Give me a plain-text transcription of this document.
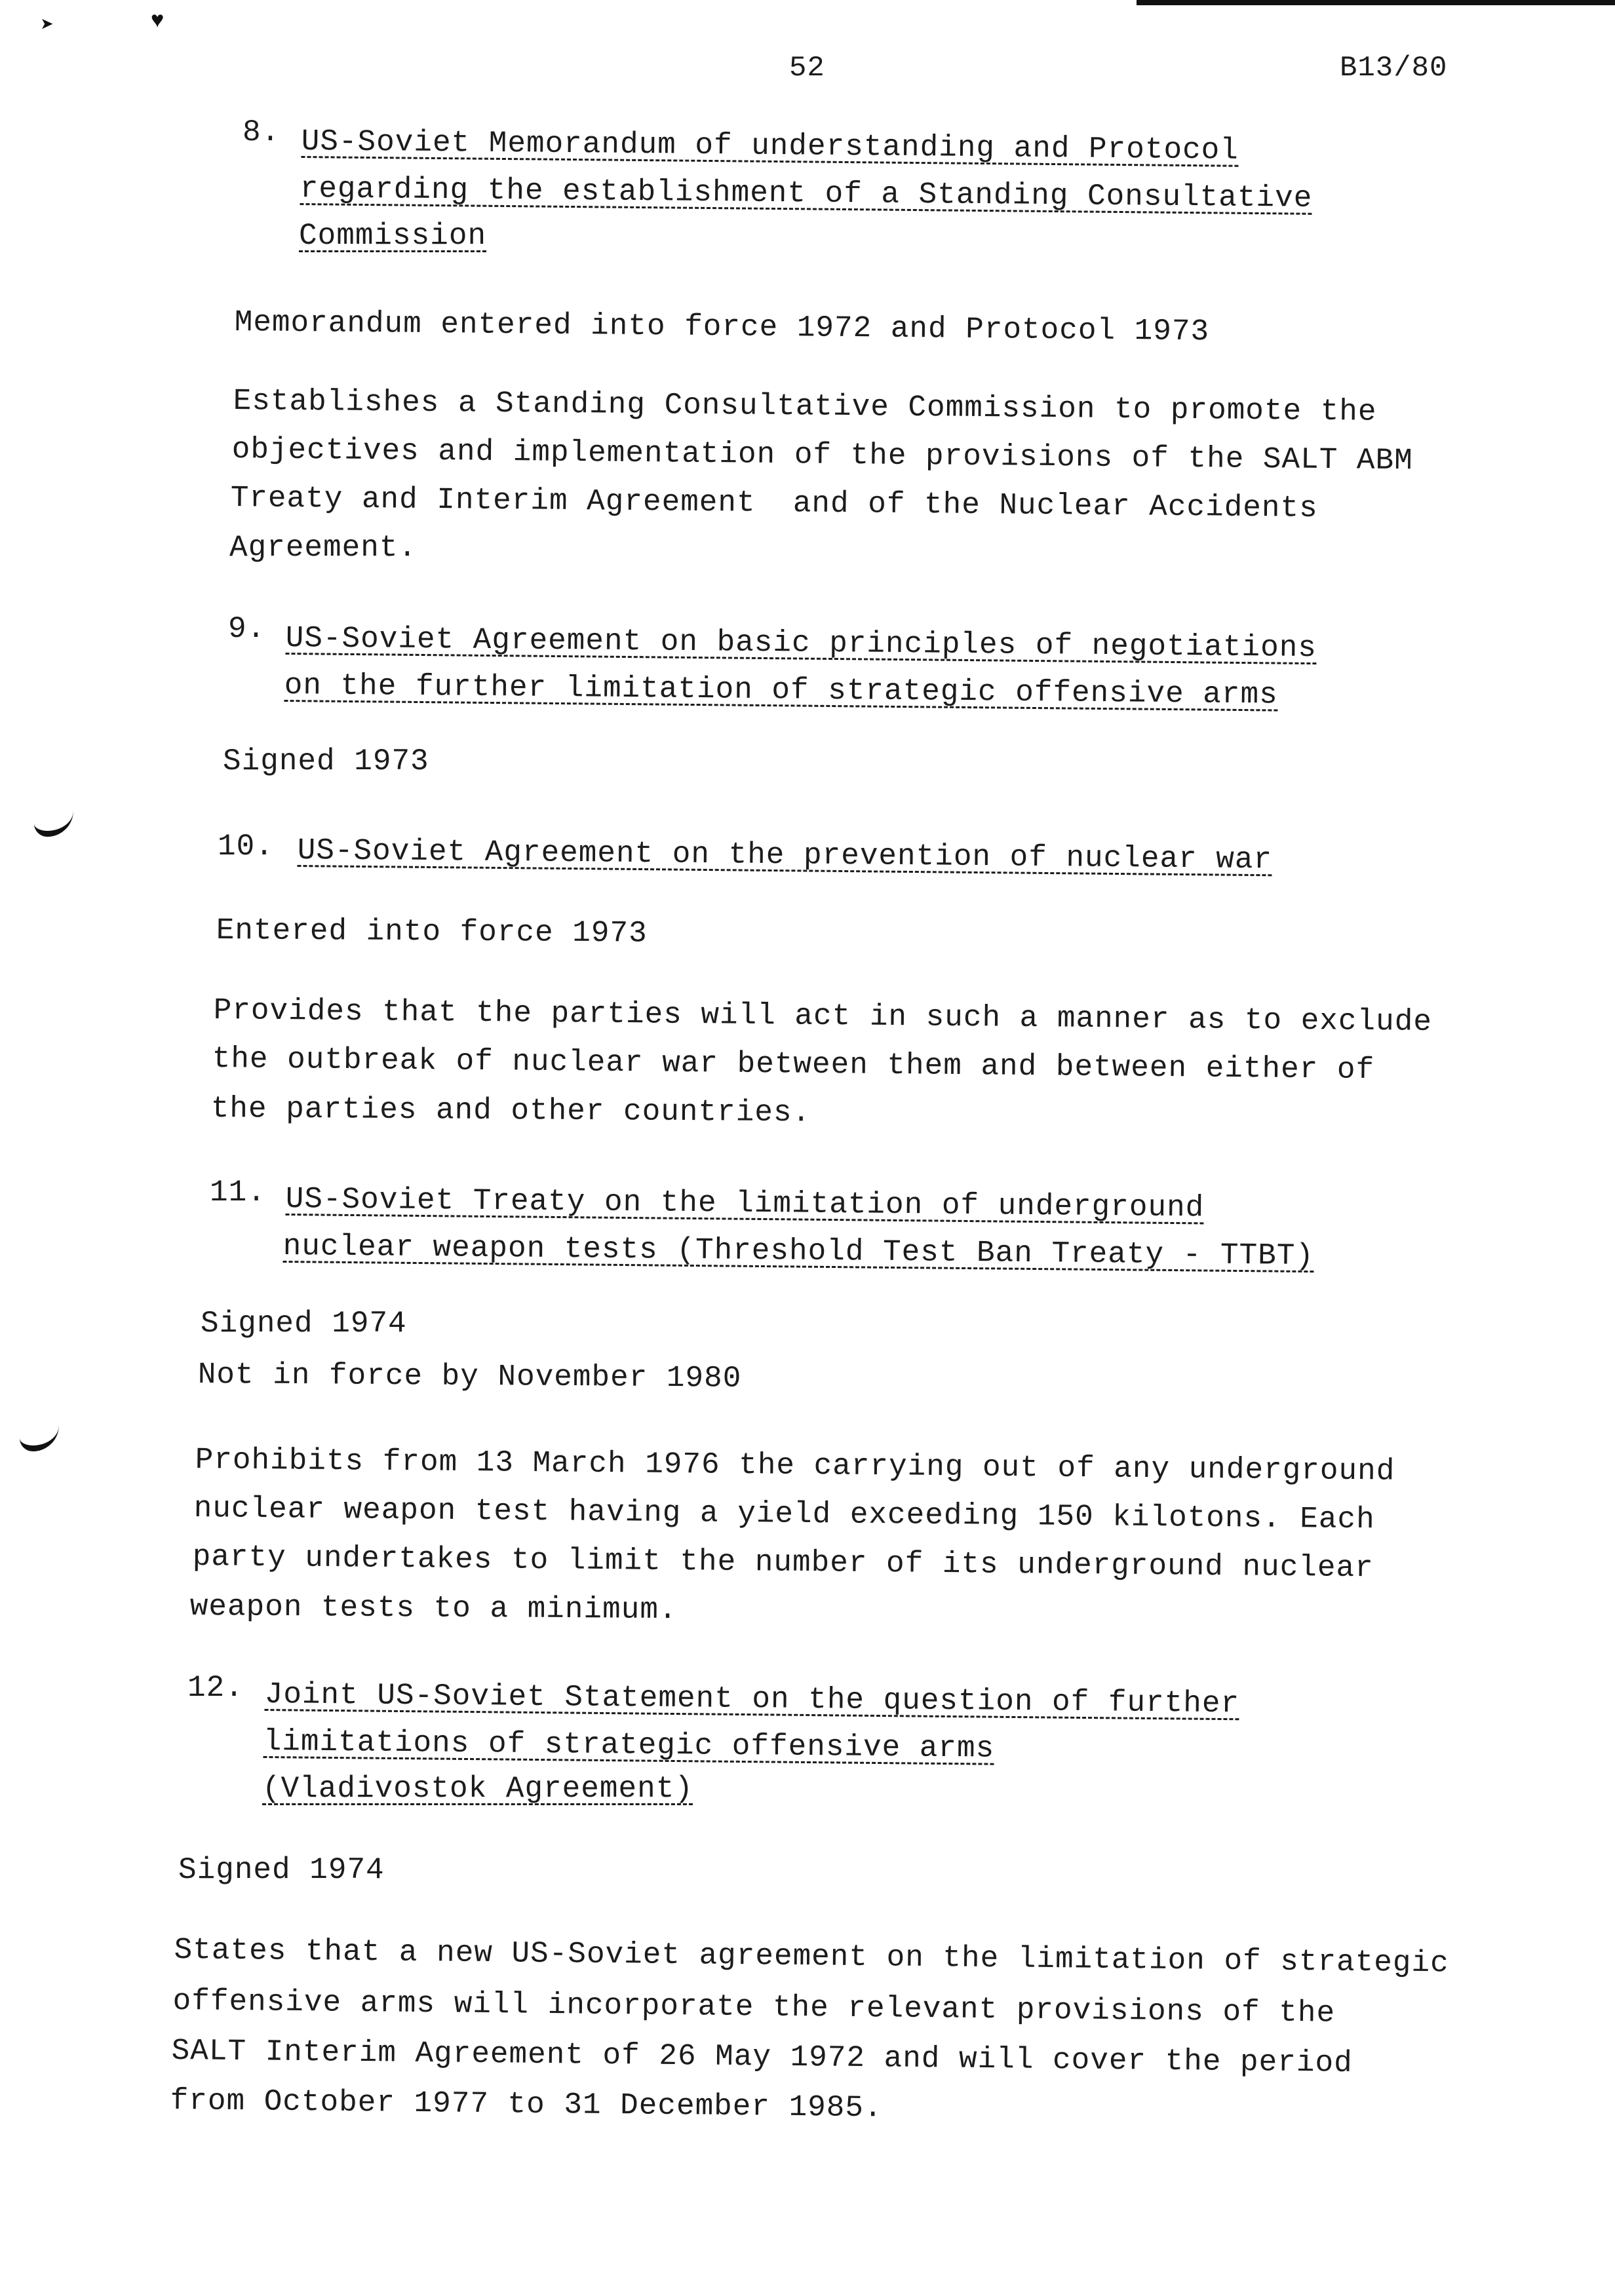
➤	♥
52	B13/80
8. US-Soviet Memorandum of understanding and Protocol
regarding the establishment of a Standing Consultative
Commission
Memorandum entered into force 1972 and Protocol 1973
Establishes a Standing Consultative Commission to promote the
objectives and implementation of the provisions of the SALT ABM
Treaty and Interim Agreement  and of the Nuclear Accidents
Agreement.
9. US-Soviet Agreement on basic principles of negotiations
on the further limitation of strategic offensive arms
Signed 1973
10. US-Soviet Agreement on the prevention of nuclear war
Entered into force 1973
Provides that the parties will act in such a manner as to exclude
the outbreak of nuclear war between them and between either of
the parties and other countries.
11. US-Soviet Treaty on the limitation of underground
nuclear weapon tests (Threshold Test Ban Treaty - TTBT)
Signed 1974
Not in force by November 1980
Prohibits from 13 March 1976 the carrying out of any underground
nuclear weapon test having a yield exceeding 150 kilotons. Each
party undertakes to limit the number of its underground nuclear
weapon tests to a minimum.
12. Joint US-Soviet Statement on the question of further
limitations of strategic offensive arms
(Vladivostok Agreement)
Signed 1974
States that a new US-Soviet agreement on the limitation of strategic
offensive arms will incorporate the relevant provisions of the
SALT Interim Agreement of 26 May 1972 and will cover the period
from October 1977 to 31 December 1985.
